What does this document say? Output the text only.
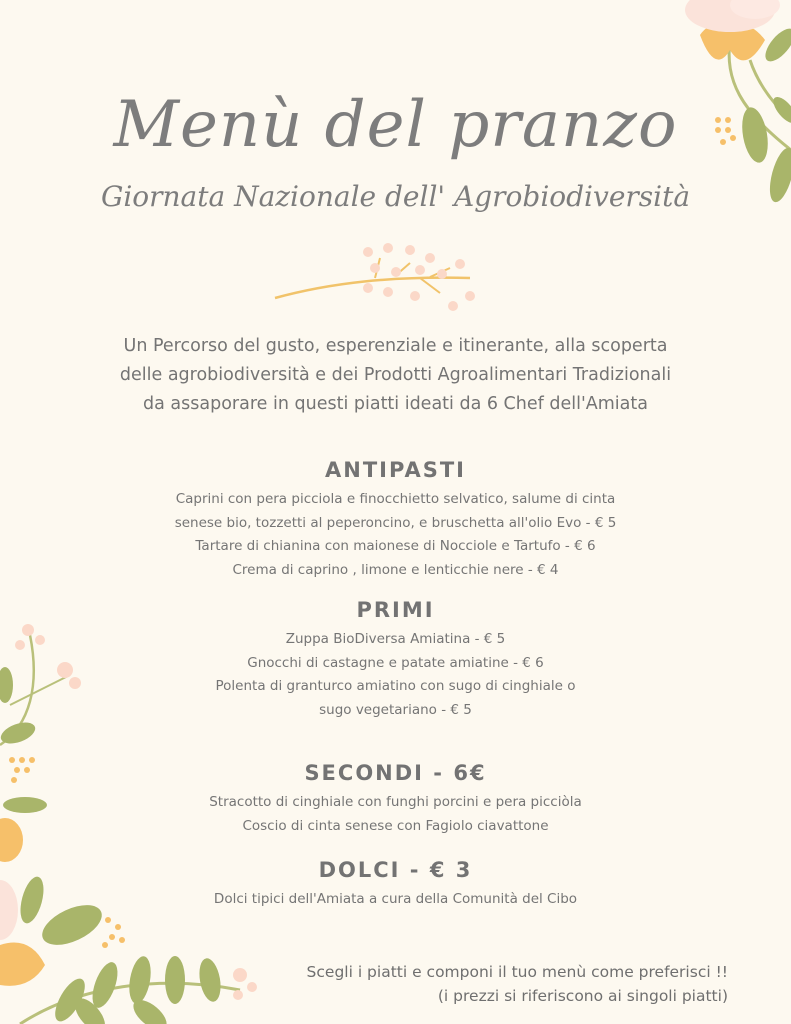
Menù del pranzo
Giornata Nazionale dell' Agrobiodiversità
Un Percorso del gusto, esperenziale e itinerante, alla scoperta
delle agrobiodiversità e dei Prodotti Agroalimentari Tradizionali
da assaporare in questi piatti ideati da 6 Chef dell'Amiata
ANTIPASTI
Caprini con pera picciola e finocchietto selvatico, salume di cinta
senese bio, tozzetti al peperoncino, e bruschetta all'olio Evo - € 5
Tartare di chianina con maionese di Nocciole e Tartufo - € 6
Crema di caprino , limone e lenticchie nere - € 4
PRIMI
Zuppa BioDiversa Amiatina - € 5
Gnocchi di castagne e patate amiatine - € 6
Polenta di granturco amiatino con sugo di cinghiale o
sugo vegetariano - € 5
SECONDI - 6€
Stracotto di cinghiale con funghi porcini e pera picciòla
Coscio di cinta senese con Fagiolo ciavattone
DOLCI - € 3
Dolci tipici dell'Amiata a cura della Comunità del Cibo
Scegli i piatti e componi il tuo menù come preferisci !!
(i prezzi si riferiscono ai singoli piatti)
